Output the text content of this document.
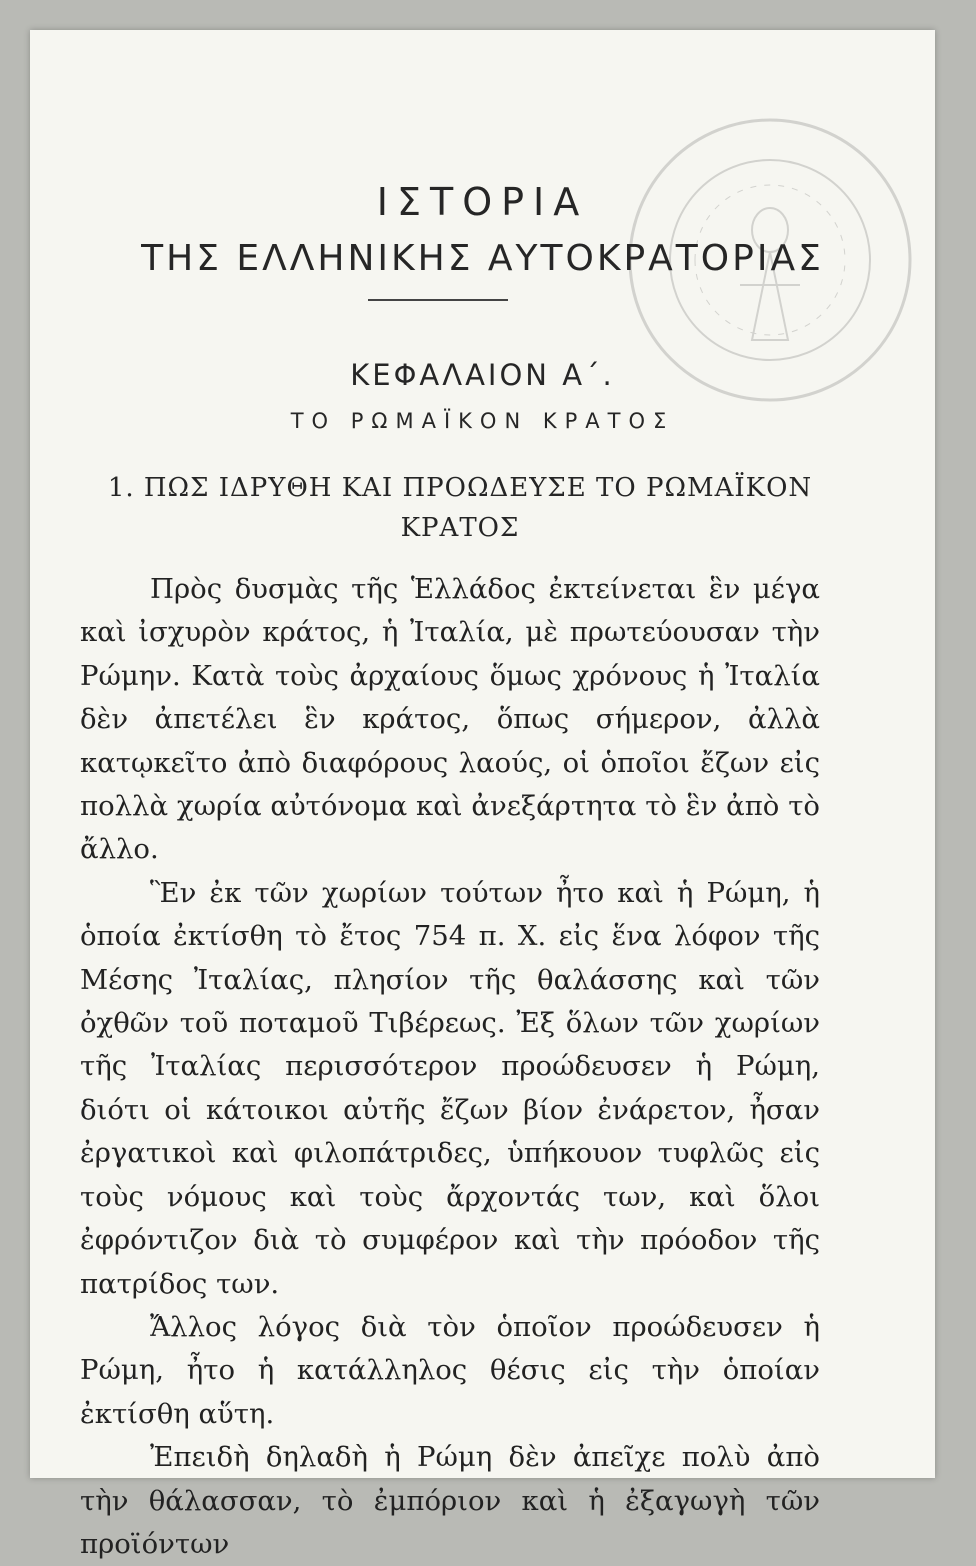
ΙΣΤΟΡΙΑ
ΤΗΣ ΕΛΛΗΝΙΚΗΣ ΑΥΤΟΚΡΑΤΟΡΙΑΣ
ΚΕΦΑΛΑΙΟΝ Α΄.
ΤΟ ΡΩΜΑΪΚΟΝ ΚΡΑΤΟΣ
1. ΠΩΣ ΙΔΡΥΘΗ ΚΑΙ ΠΡΟΩΔΕΥΣΕ ΤΟ ΡΩΜΑΪΚΟΝ ΚΡΑΤΟΣ

Πρὸς δυσμὰς τῆς Ἑλλάδος ἐκτείνεται ἓν μέγα καὶ ἰσχυρὸν κράτος, ἡ Ἰταλία, μὲ πρωτεύουσαν τὴν Ρώμην. Κατὰ τοὺς ἀρχαίους ὅμως χρόνους ἡ Ἰταλία δὲν ἀπετέλει ἓν κράτος, ὅπως σήμερον, ἀλλὰ κατῳκεῖτο ἀπὸ διαφόρους λαούς, οἱ ὁποῖοι ἔζων εἰς πολλὰ χωρία αὐτόνομα καὶ ἀνεξάρτητα τὸ ἓν ἀπὸ τὸ ἄλλο.

Ἓν ἐκ τῶν χωρίων τούτων ἦτο καὶ ἡ Ρώμη, ἡ ὁποία ἐκτίσθη τὸ ἔτος 754 π. Χ. εἰς ἕνα λόφον τῆς Μέσης Ἰταλίας, πλησίον τῆς θαλάσσης καὶ τῶν ὀχθῶν τοῦ ποταμοῦ Τιβέρεως. Ἐξ ὅλων τῶν χωρίων τῆς Ἰταλίας περισσότερον προώδευσεν ἡ Ρώμη, διότι οἱ κάτοικοι αὐτῆς ἔζων βίον ἐνάρετον, ἦσαν ἐργατικοὶ καὶ φιλοπάτριδες, ὑπήκουον τυφλῶς εἰς τοὺς νόμους καὶ τοὺς ἄρχοντάς των, καὶ ὅλοι ἐφρόντιζον διὰ τὸ συμφέρον καὶ τὴν πρόοδον τῆς πατρίδος των.

Ἄλλος λόγος διὰ τὸν ὁποῖον προώδευσεν ἡ Ρώμη, ἦτο ἡ κατάλληλος θέσις εἰς τὴν ὁποίαν ἐκτίσθη αὕτη.

Ἐπειδὴ δηλαδὴ ἡ Ρώμη δὲν ἀπεῖχε πολὺ ἀπὸ τὴν θάλασσαν, τὸ ἐμπόριον καὶ ἡ ἐξαγωγὴ τῶν προϊόντων
